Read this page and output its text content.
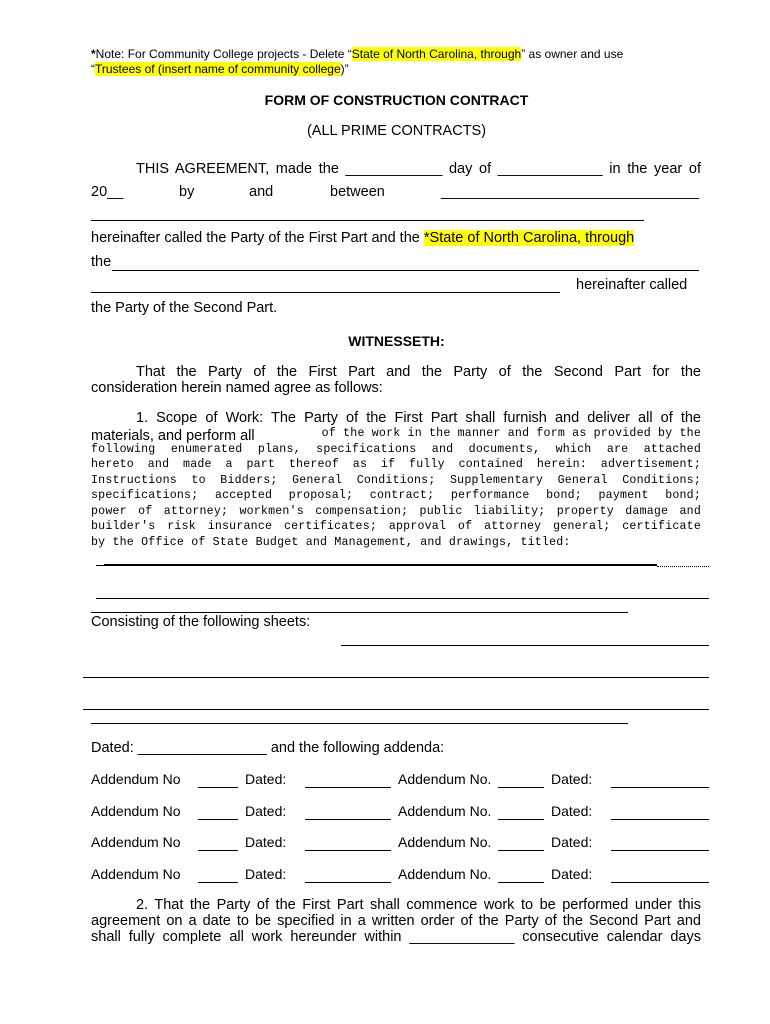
*Note: For Community College projects - Delete “State of North Carolina, through” as owner and use
“Trustees of (insert name of community college)”
FORM OF CONSTRUCTION CONTRACT
(ALL PRIME CONTRACTS)
THIS AGREEMENT, made the ____________ day of _____________ in the year of
20__	by	and	between	________________________________
hereinafter called the Party of the First Part and the *State of North Carolina, through
the
hereinafter called
the Party of the Second Part.
WITNESSETH:
That the Party of the First Part and the Party of the Second Part for the
consideration herein named agree as follows:
1. Scope of Work: The Party of the First Part shall furnish and deliver all of the
materials, and perform all	of the work in the manner and form as provided by the
following enumerated plans, specifications and documents, which are attached
hereto and made a part thereof as if fully contained herein: advertisement;
Instructions to Bidders; General Conditions; Supplementary General Conditions;
specifications; accepted proposal; contract; performance bond; payment bond;
power of attorney; workmen's compensation; public liability; property damage and
builder's risk insurance certificates; approval of attorney general; certificate
by the Office of State Budget and Management, and drawings, titled:
Consisting of the following sheets:
Dated: ________________ and the following addenda:
Addendum No	Dated:	Addendum No.	Dated:
Addendum No	Dated:	Addendum No.	Dated:
Addendum No	Dated:	Addendum No.	Dated:
Addendum No	Dated:	Addendum No.	Dated:
2. That the Party of the First Part shall commence work to be performed under this
agreement on a date to be specified in a written order of the Party of the Second Part and
shall fully complete all work hereunder within _____________ consecutive calendar days
